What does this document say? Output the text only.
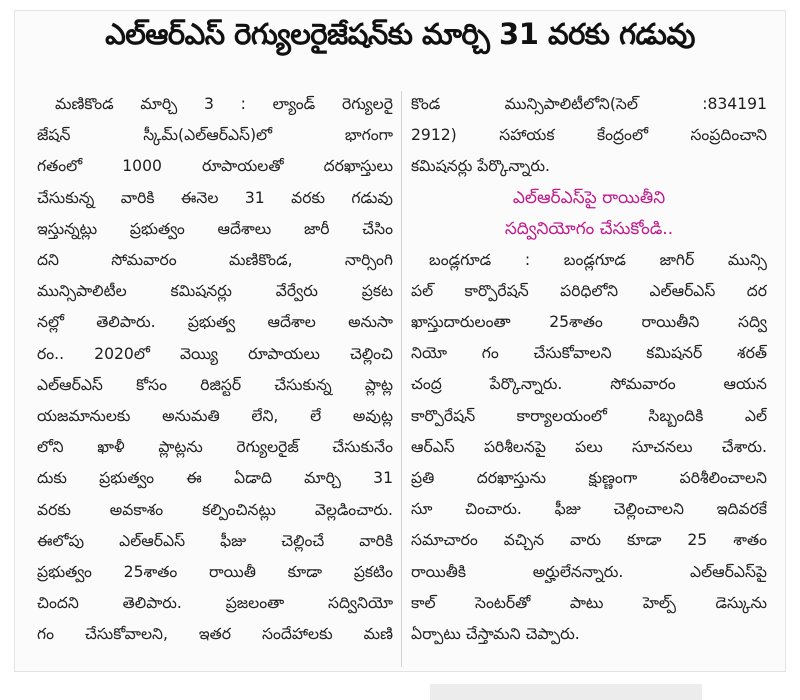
ఎల్ఆర్ఎస్ రెగ్యులరైజేషన్‌కు మార్చి 31 వరకు గడువు
మణికొండ మార్చి 3 : ల్యాండ్ రెగ్యులరై
జేషన్ స్కీమ్(ఎల్ఆర్ఎస్)లో భాగంగా
గతంలో 1000 రూపాయలతో దరఖాస్తులు
చేసుకున్న వారికి ఈనెల 31 వరకు గడువు
ఇస్తున్నట్లు ప్రభుత్వం ఆదేశాలు జారీ చేసిం
దని సోమవారం మణికొండ, నార్సింగి
మున్సిపాలిటీల కమిషనర్లు వేర్వేరు ప్రకట
నల్లో తెలిపారు. ప్రభుత్వ ఆదేశాల అనుసా
రం.. 2020లో వెయ్యి రూపాయలు చెల్లించి
ఎల్ఆర్ఎస్ కోసం రిజిస్టర్ చేసుకున్న ప్లాట్ల
యజమానులకు అనుమతి లేని, లే అవుట్ల
లోని ఖాళీ ప్లాట్లను రెగ్యులరైజ్ చేసుకునేం
దుకు ప్రభుత్వం ఈ ఏడాది మార్చి 31
వరకు అవకాశం కల్పించినట్లు వెల్లడించారు.
ఈలోపు ఎల్ఆర్ఎస్ ఫీజు చెల్లించే వారికి
ప్రభుత్వం 25శాతం రాయితీ కూడా ప్రకటిం
చిందని తెలిపారు. ప్రజలంతా సద్వినియో
గం చేసుకోవాలని, ఇతర సందేహాలకు మణి
కొండ మున్సిపాలిటీలోని(సెల్ :834191
2912) సహాయక కేంద్రంలో సంప్రదించాని
కమిషనర్లు పేర్కొన్నారు.
ఎల్ఆర్ఎస్‌పై రాయితీని
సద్వినియోగం చేసుకోండి..
బండ్లగూడ : బండ్లగూడ జాగిర్ మున్సి
పల్ కార్పొరేషన్ పరిధిలోని ఎల్ఆర్ఎస్ దర
ఖాస్తుదారులంతా 25శాతం రాయితీని సద్వి
నియో గం చేసుకోవాలని కమిషనర్ శరత్
చంద్ర పేర్కొన్నారు. సోమవారం ఆయన
కార్పొరేషన్ కార్యాలయంలో సిబ్బందికి ఎల్
ఆర్ఎస్ పరిశీలనపై పలు సూచనలు చేశారు.
ప్రతి దరఖాస్తును క్షుణ్ణంగా పరిశీలించాలని
సూ చించారు. ఫీజు చెల్లించాలని ఇదివరకే
సమాచారం వచ్చిన వారు కూడా 25 శాతం
రాయితీకి అర్హులేనన్నారు. ఎల్ఆర్ఎస్‌పై
కాల్ సెంటర్‌తో పాటు హెల్ప్ డెస్కును
ఏర్పాటు చేస్తామని చెప్పారు.
